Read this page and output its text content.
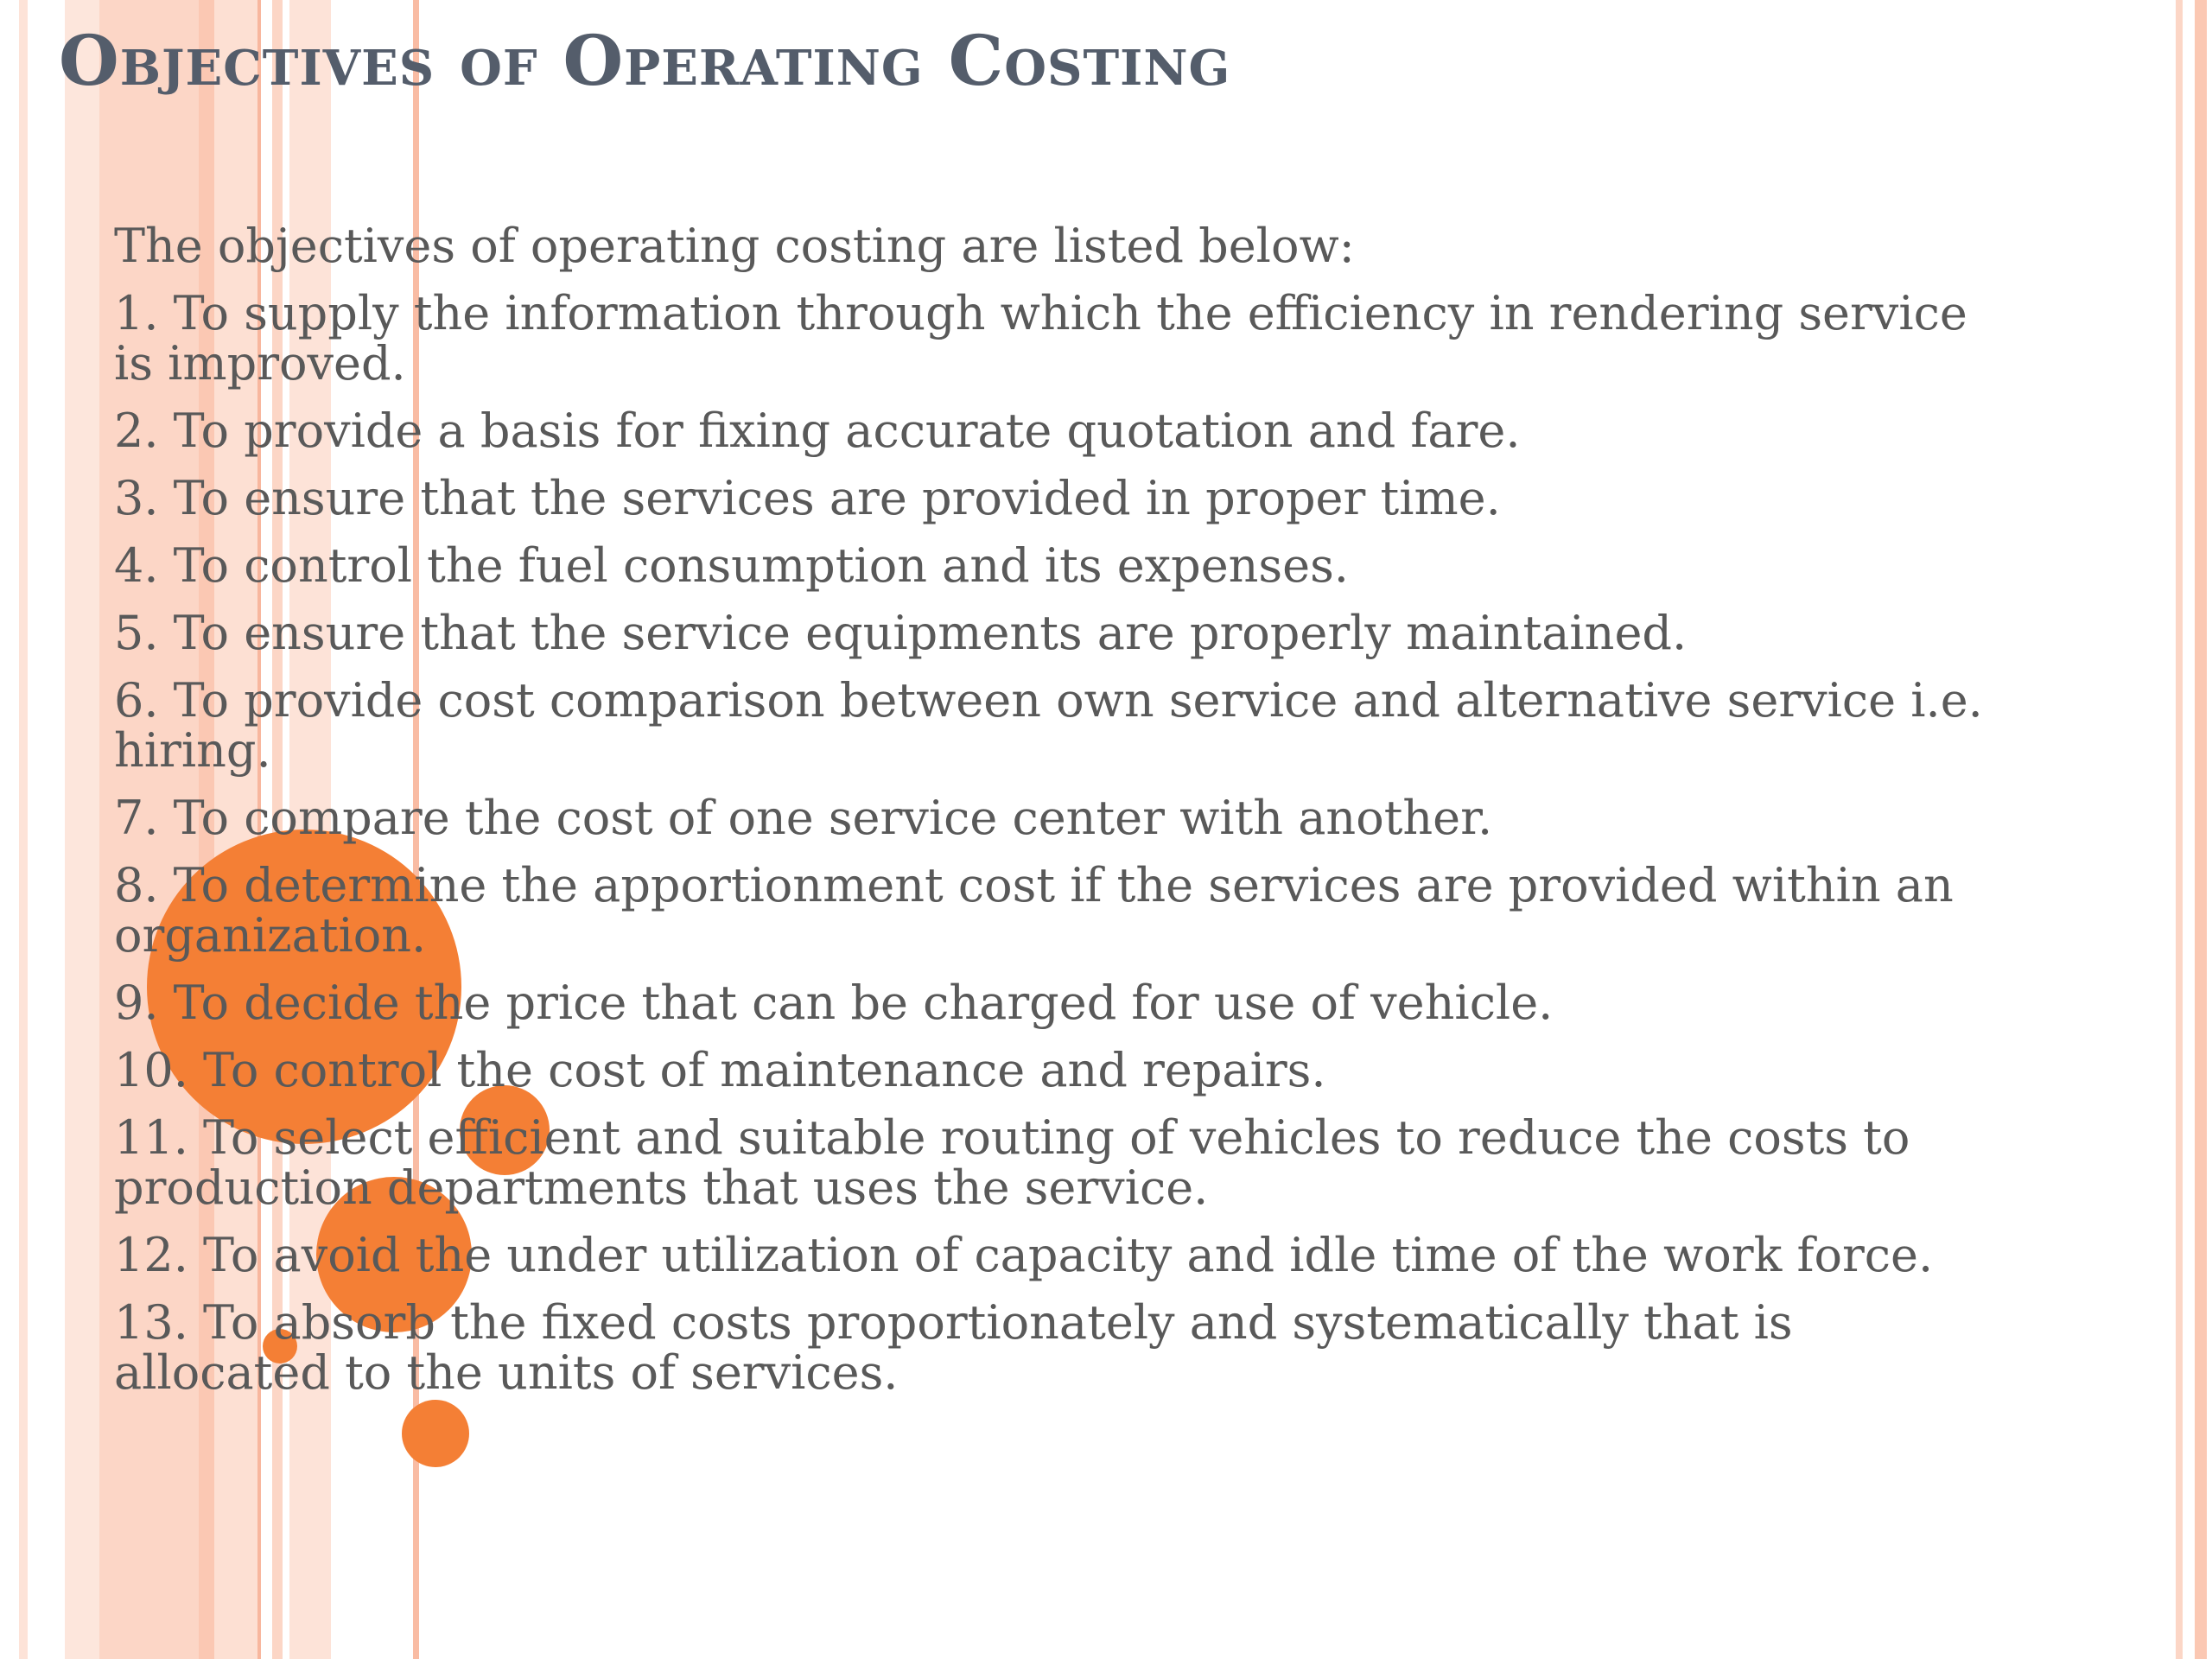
Objectives of Operating Costing

The objectives of operating costing are listed below:

1. To supply the information through which the efficiency in rendering service is improved.

2. To provide a basis for fixing accurate quotation and fare.

3. To ensure that the services are provided in proper time.

4. To control the fuel consumption and its expenses.

5. To ensure that the service equipments are properly maintained.

6. To provide cost comparison between own service and alternative service i.e. hiring.

7. To compare the cost of one service center with another.

8. To determine the apportionment cost if the services are provided within an organization.

9. To decide the price that can be charged for use of vehicle.

10. To control the cost of maintenance and repairs.

11. To select efficient and suitable routing of vehicles to reduce the costs to production departments that uses the service.

12. To avoid the under utilization of capacity and idle time of the work force.

13. To absorb the fixed costs proportionately and systematically that is allocated to the units of services.
